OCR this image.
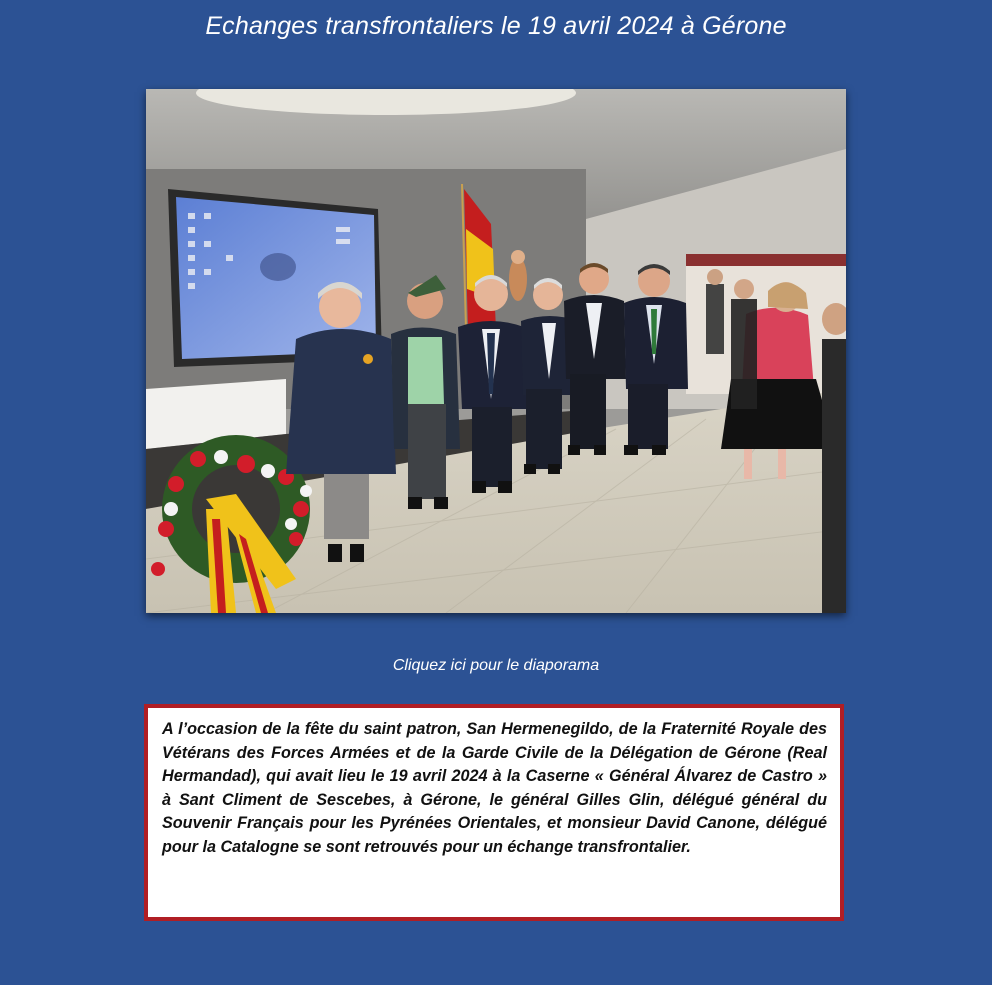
Echanges transfrontaliers le 19 avril 2024 à Gérone
Cliquez ici pour le diaporama

A l’occasion de la fête du saint patron, San Hermenegildo, de la Fraternité Royale des Vétérans des Forces Armées et de la Garde Civile de la Délégation de Gérone (Real Hermandad), qui avait lieu le 19 avril 2024 à la Caserne « Général Álvarez de Castro » à Sant Climent de Sescebes, à Gérone, le général Gilles Glin, délégué général du Souvenir Français pour les Pyrénées Orientales, et monsieur David Canone, délégué pour la Catalogne se sont retrouvés pour un échange transfrontalier.
